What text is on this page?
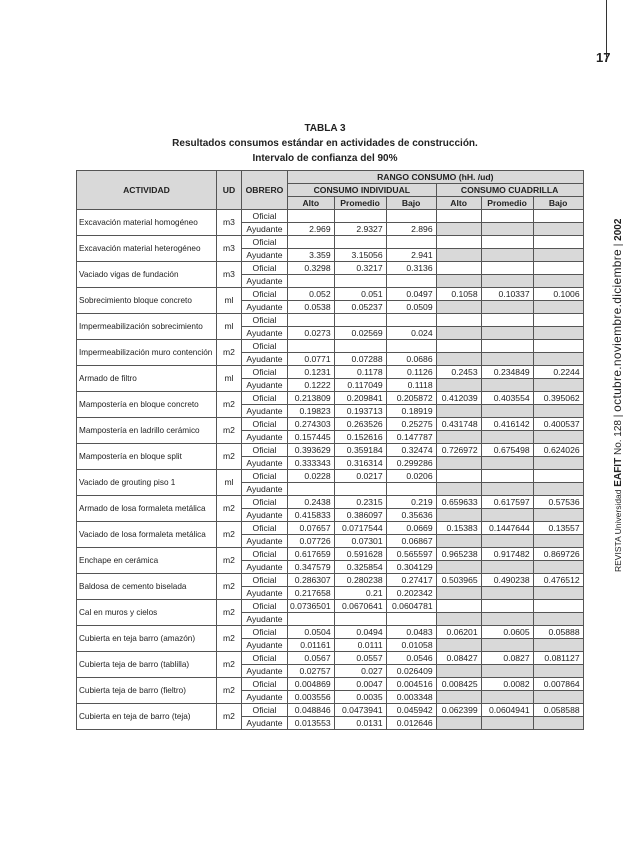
17
REVISTA Universidad EAFIT No. 128 | octubre.noviembre.diciembre | 2002
TABLA 3
Resultados consumos estándar en actividades de construcción.
Intervalo de confianza del 90%
ACTIVIDAD	UD	OBRERO	RANGO CONSUMO (hH. /ud)					
			CONSUMO INDIVIDUAL			CONSUMO CUADRILLA		
			Alto	Promedio	Bajo	Alto	Promedio	Bajo
Excavación material homogéneo	m3	Oficial						
		Ayudante	2.969	2.9327	2.896			
Excavación material heterogéneo	m3	Oficial						
		Ayudante	3.359	3.15056	2.941			
Vaciado vigas de fundación	m3	Oficial	0.3298	0.3217	0.3136			
		Ayudante						
Sobrecimiento bloque concreto	ml	Oficial	0.052	0.051	0.0497	0.1058	0.10337	0.1006
		Ayudante	0.0538	0.05237	0.0509			
Impermeabilización sobrecimiento	ml	Oficial						
		Ayudante	0.0273	0.02569	0.024			
Impermeabilización muro contención	m2	Oficial						
		Ayudante	0.0771	0.07288	0.0686			
Armado de filtro	ml	Oficial	0.1231	0.1178	0.1126	0.2453	0.234849	0.2244
		Ayudante	0.1222	0.117049	0.1118			
Mampostería en bloque concreto	m2	Oficial	0.213809	0.209841	0.205872	0.412039	0.403554	0.395062
		Ayudante	0.19823	0.193713	0.18919			
Mampostería en ladrillo cerámico	m2	Oficial	0.274303	0.263526	0.25275	0.431748	0.416142	0.400537
		Ayudante	0.157445	0.152616	0.147787			
Mampostería en bloque split	m2	Oficial	0.393629	0.359184	0.32474	0.726972	0.675498	0.624026
		Ayudante	0.333343	0.316314	0.299286			
Vaciado de grouting piso 1	ml	Oficial	0.0228	0.0217	0.0206			
		Ayudante						
Armado de losa formaleta metálica	m2	Oficial	0.2438	0.2315	0.219	0.659633	0.617597	0.57536
		Ayudante	0.415833	0.386097	0.35636			
Vaciado de losa formaleta metálica	m2	Oficial	0.07657	0.0717544	0.0669	0.15383	0.1447644	0.13557
		Ayudante	0.07726	0.07301	0.06867			
Enchape en cerámica	m2	Oficial	0.617659	0.591628	0.565597	0.965238	0.917482	0.869726
		Ayudante	0.347579	0.325854	0.304129			
Baldosa de cemento biselada	m2	Oficial	0.286307	0.280238	0.27417	0.503965	0.490238	0.476512
		Ayudante	0.217658	0.21	0.202342			
Cal en muros y cielos	m2	Oficial	0.0736501	0.0670641	0.0604781			
		Ayudante						
Cubierta en teja barro (amazón)	m2	Oficial	0.0504	0.0494	0.0483	0.06201	0.0605	0.05888
		Ayudante	0.01161	0.0111	0.01058			
Cubierta teja de barro (tablilla)	m2	Oficial	0.0567	0.0557	0.0546	0.08427	0.0827	0.081127
		Ayudante	0.02757	0.027	0.026409			
Cubierta teja de barro (fieltro)	m2	Oficial	0.004869	0.0047	0.004516	0.008425	0.0082	0.007864
		Ayudante	0.003556	0.0035	0.003348			
Cubierta en teja de barro (teja)	m2	Oficial	0.048846	0.0473941	0.045942	0.062399	0.0604941	0.058588
		Ayudante	0.013553	0.0131	0.012646			
